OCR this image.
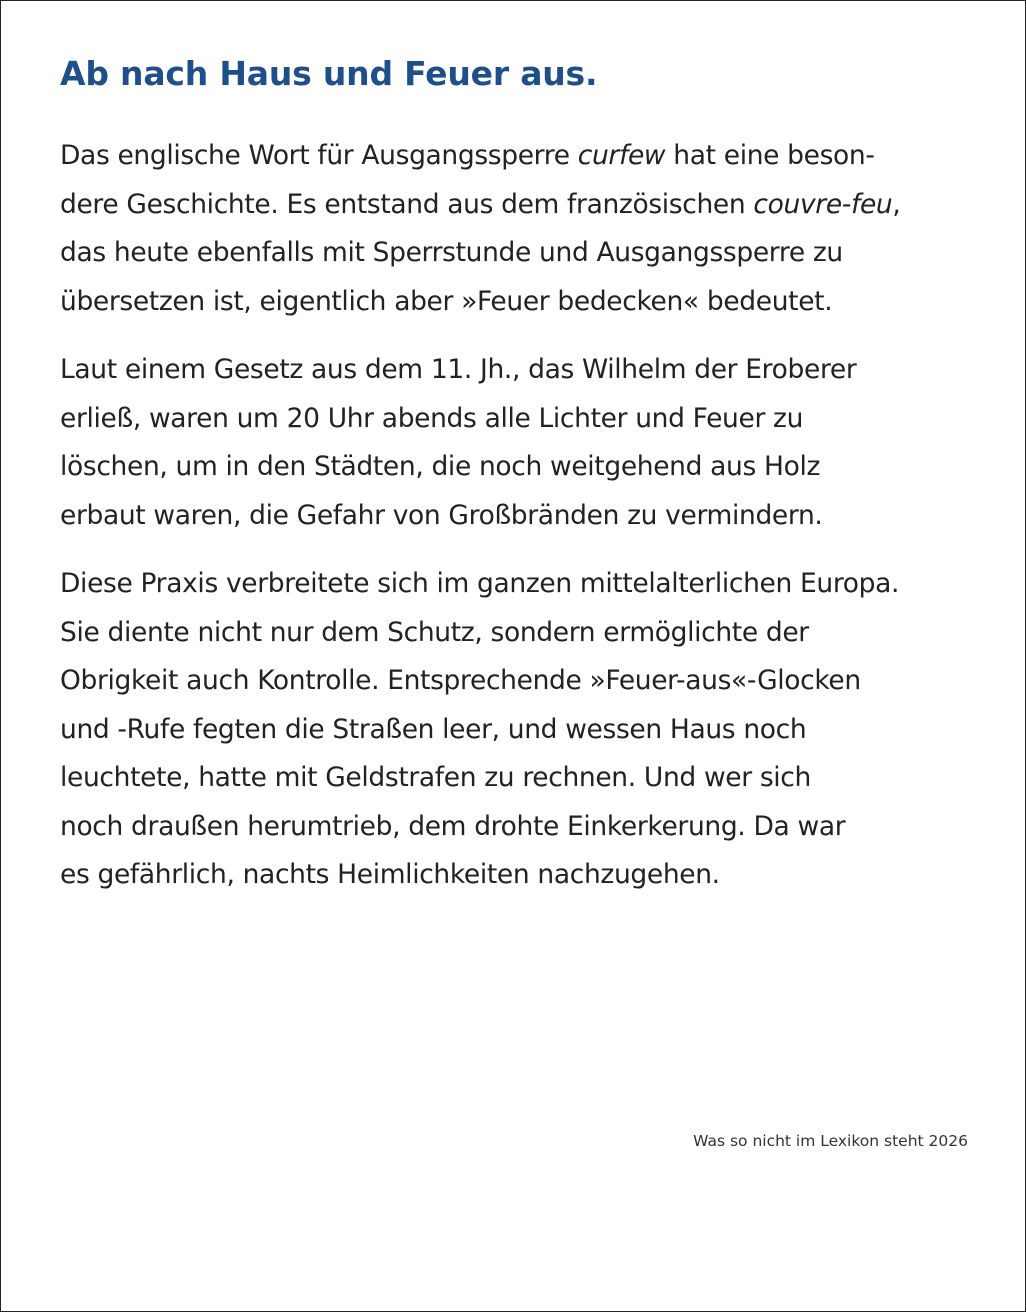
Ab nach Haus und Feuer aus.

Das englische Wort für Ausgangssperre curfew hat eine beson-
dere Geschichte. Es entstand aus dem französischen couvre-feu,
das heute ebenfalls mit Sperrstunde und Ausgangssperre zu
übersetzen ist, eigentlich aber »Feuer bedecken« bedeutet.

Laut einem Gesetz aus dem 11. Jh., das Wilhelm der Eroberer
erließ, waren um 20 Uhr abends alle Lichter und Feuer zu
löschen, um in den Städten, die noch weitgehend aus Holz
erbaut waren, die Gefahr von Großbränden zu vermindern.

Diese Praxis verbreitete sich im ganzen mittelalterlichen Europa.
Sie diente nicht nur dem Schutz, sondern ermöglichte der
Obrigkeit auch Kontrolle. Entsprechende »Feuer-aus«-Glocken
und -Rufe fegten die Straßen leer, und wessen Haus noch
leuchtete, hatte mit Geldstrafen zu rechnen. Und wer sich
noch draußen herumtrieb, dem drohte Einkerkerung. Da war
es gefährlich, nachts Heimlichkeiten nachzugehen.

Was so nicht im Lexikon steht 2026
